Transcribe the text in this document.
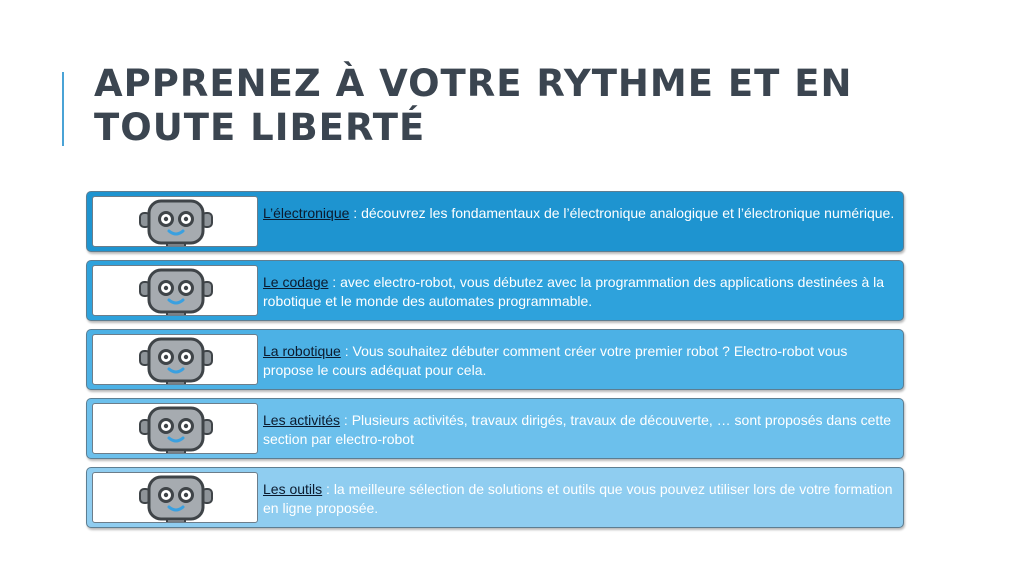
APPRENEZ À VOTRE RYTHME ET EN TOUTE LIBERTÉ
L’électronique : découvrez les fondamentaux de l’électronique analogique et l’électronique numérique.
Le codage : avec electro-robot, vous débutez avec la programmation des applications destinées à la robotique et le monde des automates programmable.
La robotique : Vous souhaitez débuter comment créer votre premier robot ? Electro-robot vous propose le cours adéquat pour cela.
Les activités : Plusieurs activités, travaux dirigés, travaux de découverte, … sont proposés dans cette section par electro-robot
Les outils : la meilleure sélection de solutions et outils que vous pouvez utiliser lors de votre formation en ligne proposée.
